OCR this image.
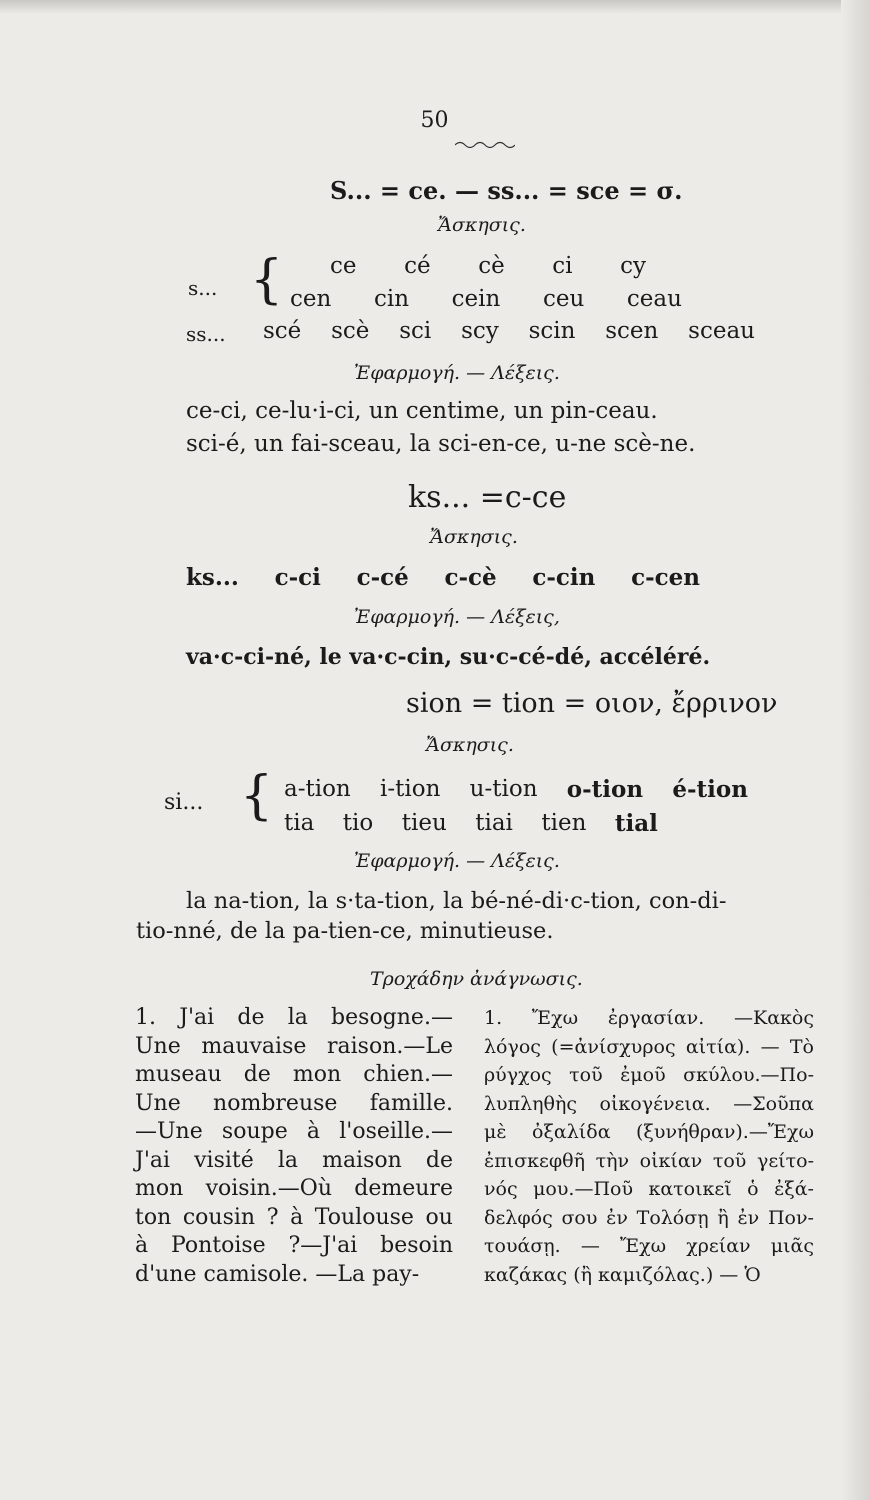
50
S... = ce. — ss... = sce = σ.
Ἄσκησις.
s... { ce cé cè ci cy
cen cin cein ceu ceau
ss... scé scè sci scy scin scen sceau
Ἐφαρμογή. — Λέξεις.
ce-ci, ce-lu·i-ci, un centime, un pin-ceau.
sci-é, un fai-sceau, la sci-en-ce, u-ne scè-ne.
ks... =c-ce
Ἄσκησις.
ks... c-ci c-cé c-cè c-cin c-cen
Ἐφαρμογή. — Λέξεις,
va·c-ci-né, le va·c-cin, su·c-cé-dé, accéléré.
sion = tion = οιον, ἔρρινον
Ἄσκησις.
si... { a-tion i-tion u-tion o-tion é-tion
tia tio tieu tiai tien tial
Ἐφαρμογή. — Λέξεις.
la na-tion, la s·ta-tion, la bé-né-di·c-tion, con-di-
tio-nné, de la pa-tien-ce, minutieuse.
Τροχάδην ἀνάγνωσις.
1. J'ai de la besogne.—
Une mauvaise raison.—Le
museau de mon chien.—
Une nombreuse famille.
—Une soupe à l'oseille.—
J'ai visité la maison de
mon voisin.—Où demeure
ton cousin ? à Toulouse ou
à Pontoise ?—J'ai besoin
d'une camisole. —La pay-
1. Ἔχω ἐργασίαν. —Κακὸς
λόγος (=ἀνίσχυρος αἰτία). — Τὸ
ρύγχος τοῦ ἐμοῦ σκύλου.—Πο-
λυπληθὴς οἰκογένεια. —Σοῦπα
μὲ ὀξαλίδα (ξυνήθραν).—Ἔχω
ἐπισκεφθῆ τὴν οἰκίαν τοῦ γείτο-
νός μου.—Ποῦ κατοικεῖ ὁ ἐξά-
δελφός σου ἐν Τολόσῃ ἢ ἐν Πον-
τουάσῃ. — Ἔχω χρείαν μιᾶς
καζάκας (ἢ καμιζόλας.) — Ὁ
